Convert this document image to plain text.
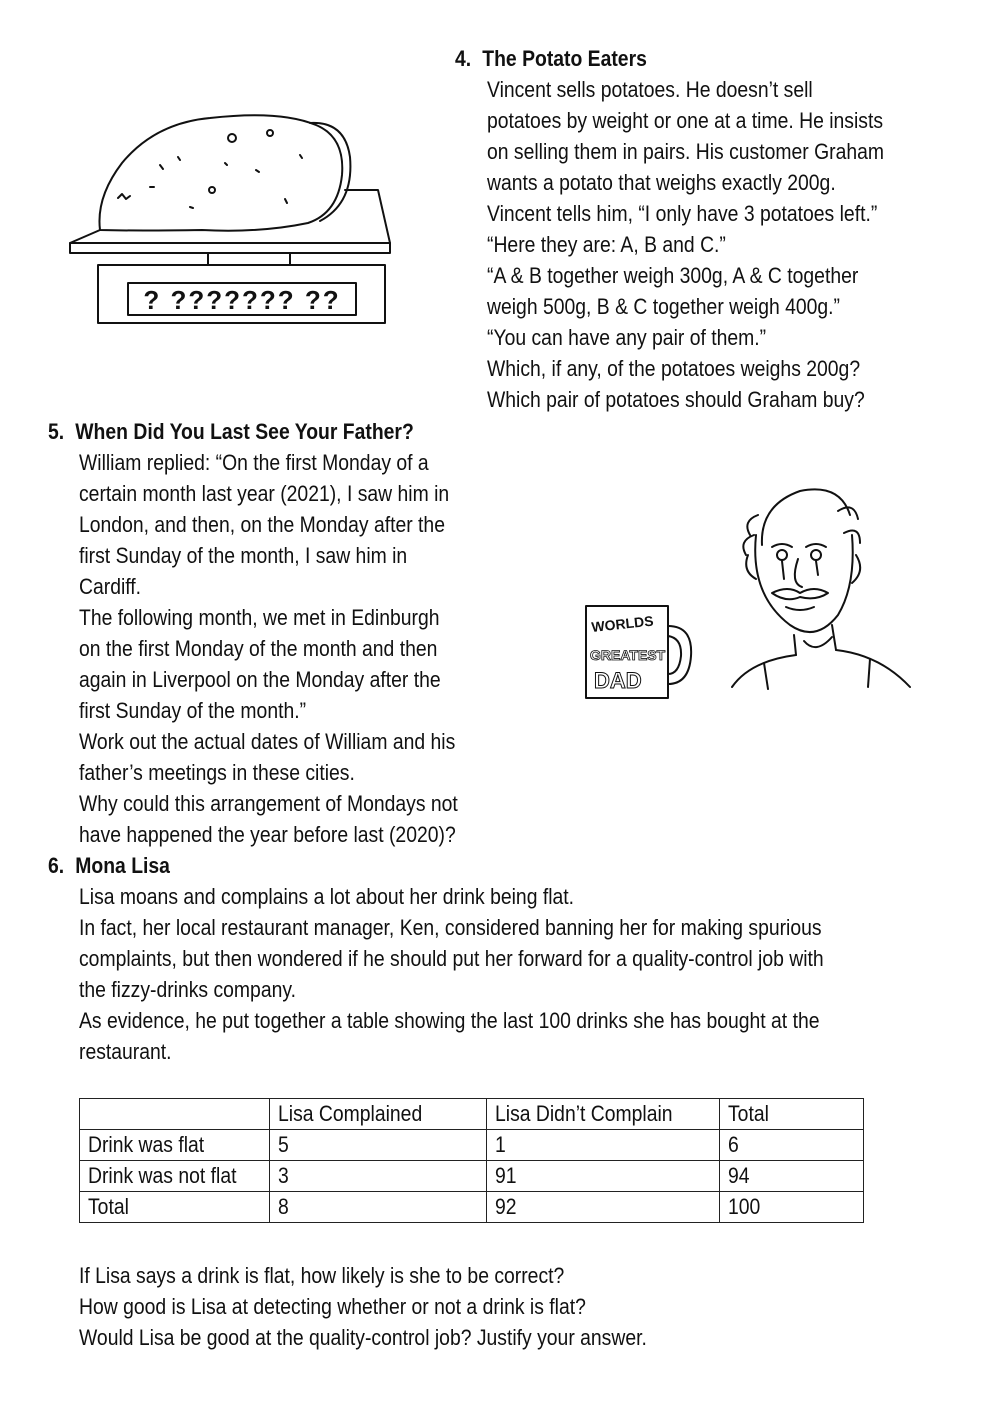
4. The Potato Eaters
Vincent sells potatoes. He doesn’t sell
potatoes by weight or one at a time. He insists
on selling them in pairs. His customer Graham
wants a potato that weighs exactly 200g.
Vincent tells him, “I only have 3 potatoes left.”
“Here they are: A, B and C.”
“A & B together weigh 300g, A & C together
weigh 500g, B & C together weigh 400g.”
“You can have any pair of them.”
Which, if any, of the potatoes weighs 200g?
Which pair of potatoes should Graham buy?
? ??????? ??
5. When Did You Last See Your Father?
William replied: “On the first Monday of a
certain month last year (2021), I saw him in
London, and then, on the Monday after the
first Sunday of the month, I saw him in
Cardiff.
The following month, we met in Edinburgh
on the first Monday of the month and then
again in Liverpool on the Monday after the
first Sunday of the month.”
Work out the actual dates of William and his
father’s meetings in these cities.
Why could this arrangement of Mondays not
have happened the year before last (2020)?
WORLDS
GREATEST
DAD
6. Mona Lisa
Lisa moans and complains a lot about her drink being flat.
In fact, her local restaurant manager, Ken, considered banning her for making spurious
complaints, but then wondered if he should put her forward for a quality-control job with
the fizzy-drinks company.
As evidence, he put together a table showing the last 100 drinks she has bought at the
restaurant.
	Lisa Complained	Lisa Didn’t Complain	Total
Drink was flat	5	1	6
Drink was not flat	3	91	94
Total	8	92	100
If Lisa says a drink is flat, how likely is she to be correct?
How good is Lisa at detecting whether or not a drink is flat?
Would Lisa be good at the quality-control job? Justify your answer.
